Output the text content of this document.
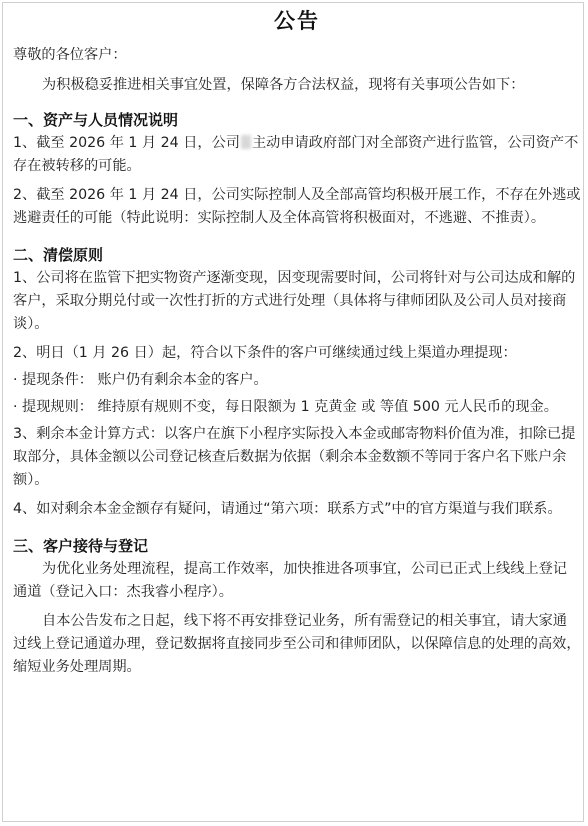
公告

尊敬的各位客户：

为积极稳妥推进相关事宜处置，保障各方合法权益，现将有关事项公告如下：

一、资产与人员情况说明

1、截至 2026 年 1 月 24 日，公司 主动申请政府部门对全部资产进行监管，公司资产不存在被转移的可能。

2、截至 2026 年 1 月 24 日，公司实际控制人及全部高管均积极开展工作，不存在外逃或逃避责任的可能（特此说明：实际控制人及全体高管将积极面对，不逃避、不推责）。

二、清偿原则

1、公司将在监管下把实物资产逐渐变现，因变现需要时间，公司将针对与公司达成和解的客户，采取分期兑付或一次性打折的方式进行处理（具体将与律师团队及公司人员对接商谈）。

2、明日（1 月 26 日）起，符合以下条件的客户可继续通过线上渠道办理提现：

· 提现条件： 账户仍有剩余本金的客户。

· 提现规则： 维持原有规则不变，每日限额为 1 克黄金 或 等值 500 元人民币的现金。

3、剩余本金计算方式：以客户在旗下小程序实际投入本金或邮寄物料价值为准，扣除已提取部分，具体金额以公司登记核查后数据为依据（剩余本金数额不等同于客户名下账户余额）。

4、如对剩余本金金额存有疑问，请通过“第六项：联系方式”中的官方渠道与我们联系。

三、客户接待与登记

为优化业务处理流程，提高工作效率，加快推进各项事宜，公司已正式上线线上登记通道（登记入口：杰我睿小程序）。

自本公告发布之日起，线下将不再安排登记业务，所有需登记的相关事宜，请大家通过线上登记通道办理，登记数据将直接同步至公司和律师团队，以保障信息的处理的高效，缩短业务处理周期。
